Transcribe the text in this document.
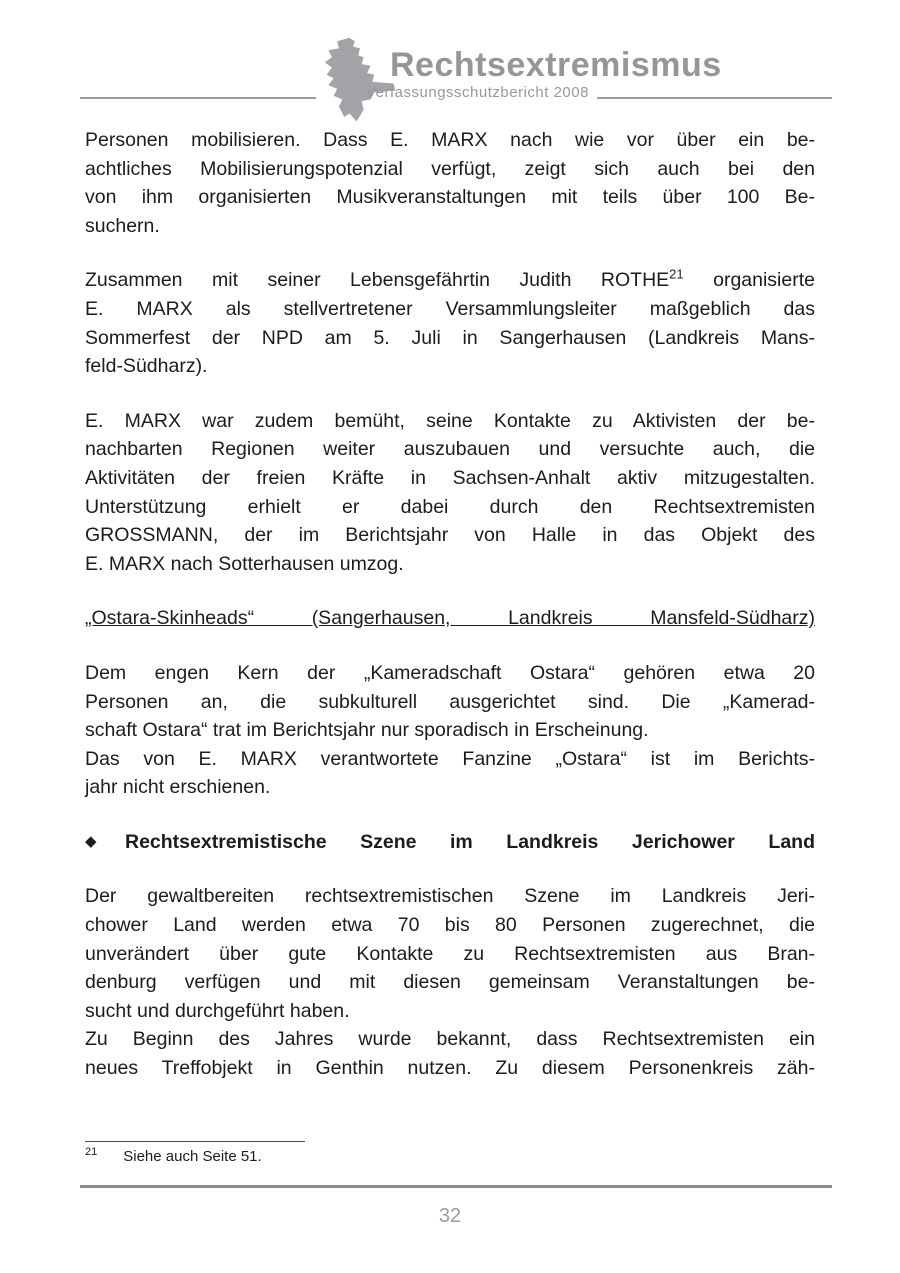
Rechtsextremismus
Verfassungsschutzbericht 2008
Personen mobilisieren. Dass E. MARX nach wie vor über ein be-
achtliches Mobilisierungspotenzial verfügt, zeigt sich auch bei den
von ihm organisierten Musikveranstaltungen mit teils über 100 Be-
suchern.
Zusammen mit seiner Lebensgefährtin Judith ROTHE$^{21}$ organisierte
E. MARX als stellvertretener Versammlungsleiter maßgeblich das
Sommerfest der NPD am 5. Juli in Sangerhausen (Landkreis Mans-
feld-Südharz).
E. MARX war zudem bemüht, seine Kontakte zu Aktivisten der be-
nachbarten Regionen weiter auszubauen und versuchte auch, die
Aktivitäten der freien Kräfte in Sachsen-Anhalt aktiv mitzugestalten.
Unterstützung erhielt er dabei durch den Rechtsextremisten
GROSSMANN, der im Berichtsjahr von Halle in das Objekt des
E. MARX nach Sotterhausen umzog.
„Ostara-Skinheads“ (Sangerhausen, Landkreis Mansfeld-Südharz)
Dem engen Kern der „Kameradschaft Ostara“ gehören etwa 20
Personen an, die subkulturell ausgerichtet sind. Die „Kamerad-
schaft Ostara“ trat im Berichtsjahr nur sporadisch in Erscheinung.
Das von E. MARX verantwortete Fanzine „Ostara“ ist im Berichts-
jahr nicht erschienen.
◆	Rechtsextremistische Szene im Landkreis Jerichower Land
Der gewaltbereiten rechtsextremistischen Szene im Landkreis Jeri-
chower Land werden etwa 70 bis 80 Personen zugerechnet, die
unverändert über gute Kontakte zu Rechtsextremisten aus Bran-
denburg verfügen und mit diesen gemeinsam Veranstaltungen be-
sucht und durchgeführt haben.
Zu Beginn des Jahres wurde bekannt, dass Rechtsextremisten ein
neues Treffobjekt in Genthin nutzen. Zu diesem Personenkreis zäh-
$^{21}$ Siehe auch Seite 51.
32
